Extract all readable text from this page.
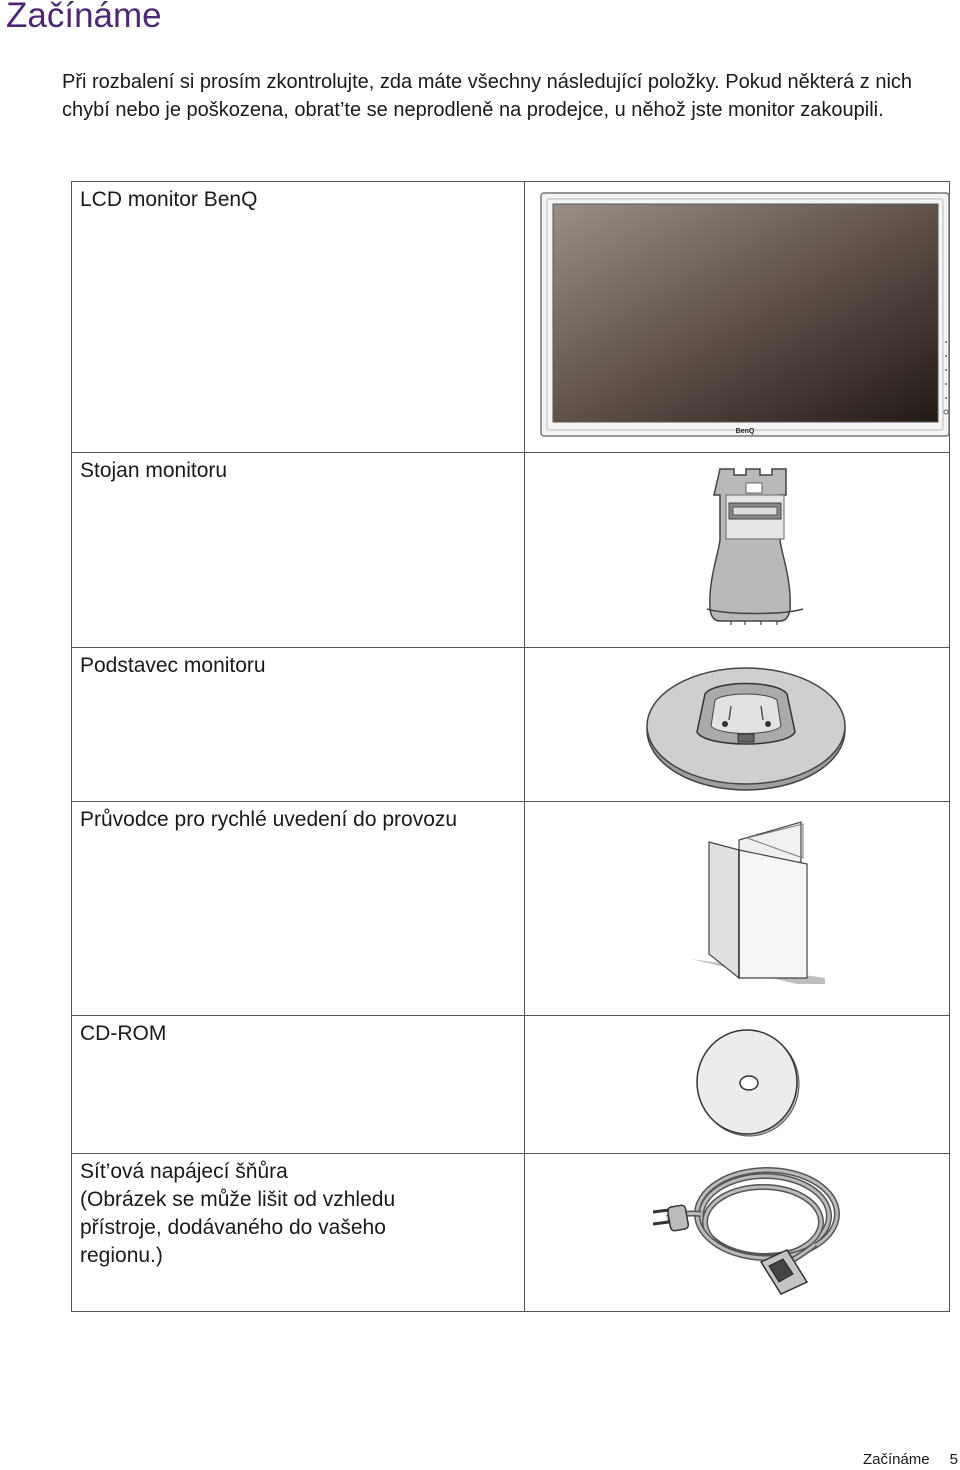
Začínáme

Při rozbalení si prosím zkontrolujte, zda máte všechny následující položky. Pokud některá z nich chybí nebo je poškozena, obrat’te se neprodleně na prodejce, u něhož jste monitor zakoupili.

LCD monitor BenQ	BenQ

Stojan monitoru	

Podstavec monitoru	

Průvodce pro rychlé uvedení do provozu	

CD-ROM	

Sít’ová napájecí šňůra
(Obrázek se může lišit od vzhledu
přístroje, dodávaného do vašeho
regionu.)

Začínáme 5
